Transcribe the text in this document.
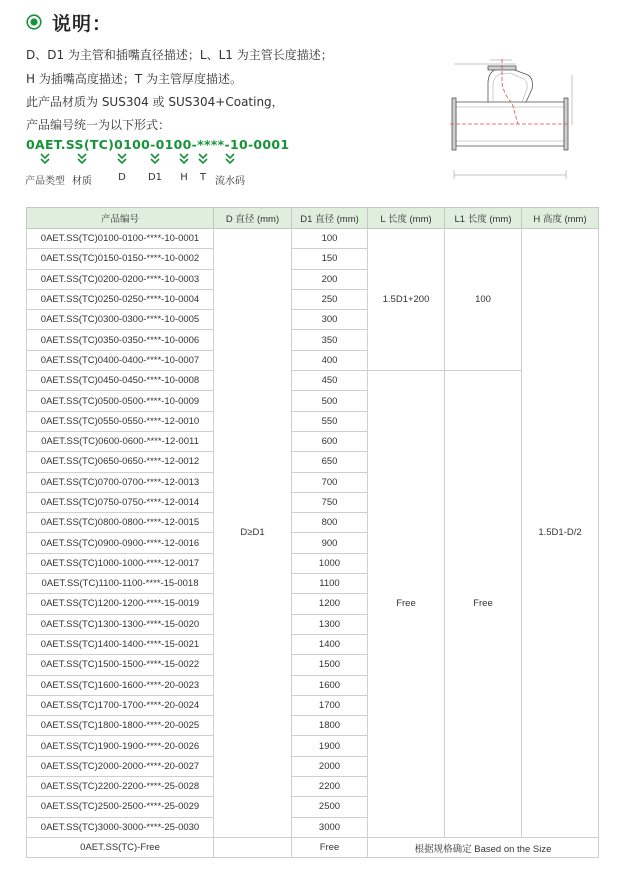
说明：
D、D1 为主管和插嘴直径描述；L、L1 为主管长度描述；
H 为插嘴高度描述；T 为主管厚度描述。
此产品材质为 SUS304 或 SUS304+Coating，
产品编号统一为以下形式：
0AET.SS(TC)0100-0100-****-10-0001
产品类型 材质	D D1 H T 流水码
产品编号	D 直径 (mm)	D1 直径 (mm)	L 长度 (mm)	L1 长度 (mm)	H 高度 (mm)
0AET.SS(TC)0100-0100-****-10-0001	D≥D1	100	1.5D1+200	100	1.5D1-D/2
0AET.SS(TC)0150-0150-****-10-0002		150			
0AET.SS(TC)0200-0200-****-10-0003		200			
0AET.SS(TC)0250-0250-****-10-0004		250			
0AET.SS(TC)0300-0300-****-10-0005		300			
0AET.SS(TC)0350-0350-****-10-0006		350			
0AET.SS(TC)0400-0400-****-10-0007		400			
0AET.SS(TC)0450-0450-****-10-0008		450	Free	Free	
0AET.SS(TC)0500-0500-****-10-0009		500			
0AET.SS(TC)0550-0550-****-12-0010		550			
0AET.SS(TC)0600-0600-****-12-0011		600			
0AET.SS(TC)0650-0650-****-12-0012		650			
0AET.SS(TC)0700-0700-****-12-0013		700			
0AET.SS(TC)0750-0750-****-12-0014		750			
0AET.SS(TC)0800-0800-****-12-0015		800			
0AET.SS(TC)0900-0900-****-12-0016		900			
0AET.SS(TC)1000-1000-****-12-0017		1000			
0AET.SS(TC)1100-1100-****-15-0018		1100			
0AET.SS(TC)1200-1200-****-15-0019		1200			
0AET.SS(TC)1300-1300-****-15-0020		1300			
0AET.SS(TC)1400-1400-****-15-0021		1400			
0AET.SS(TC)1500-1500-****-15-0022		1500			
0AET.SS(TC)1600-1600-****-20-0023		1600			
0AET.SS(TC)1700-1700-****-20-0024		1700			
0AET.SS(TC)1800-1800-****-20-0025		1800			
0AET.SS(TC)1900-1900-****-20-0026		1900			
0AET.SS(TC)2000-2000-****-20-0027		2000			
0AET.SS(TC)2200-2200-****-25-0028		2200			
0AET.SS(TC)2500-2500-****-25-0029		2500			
0AET.SS(TC)3000-3000-****-25-0030		3000			
0AET.SS(TC)-Free		Free	根据规格确定 Based on the Size		
